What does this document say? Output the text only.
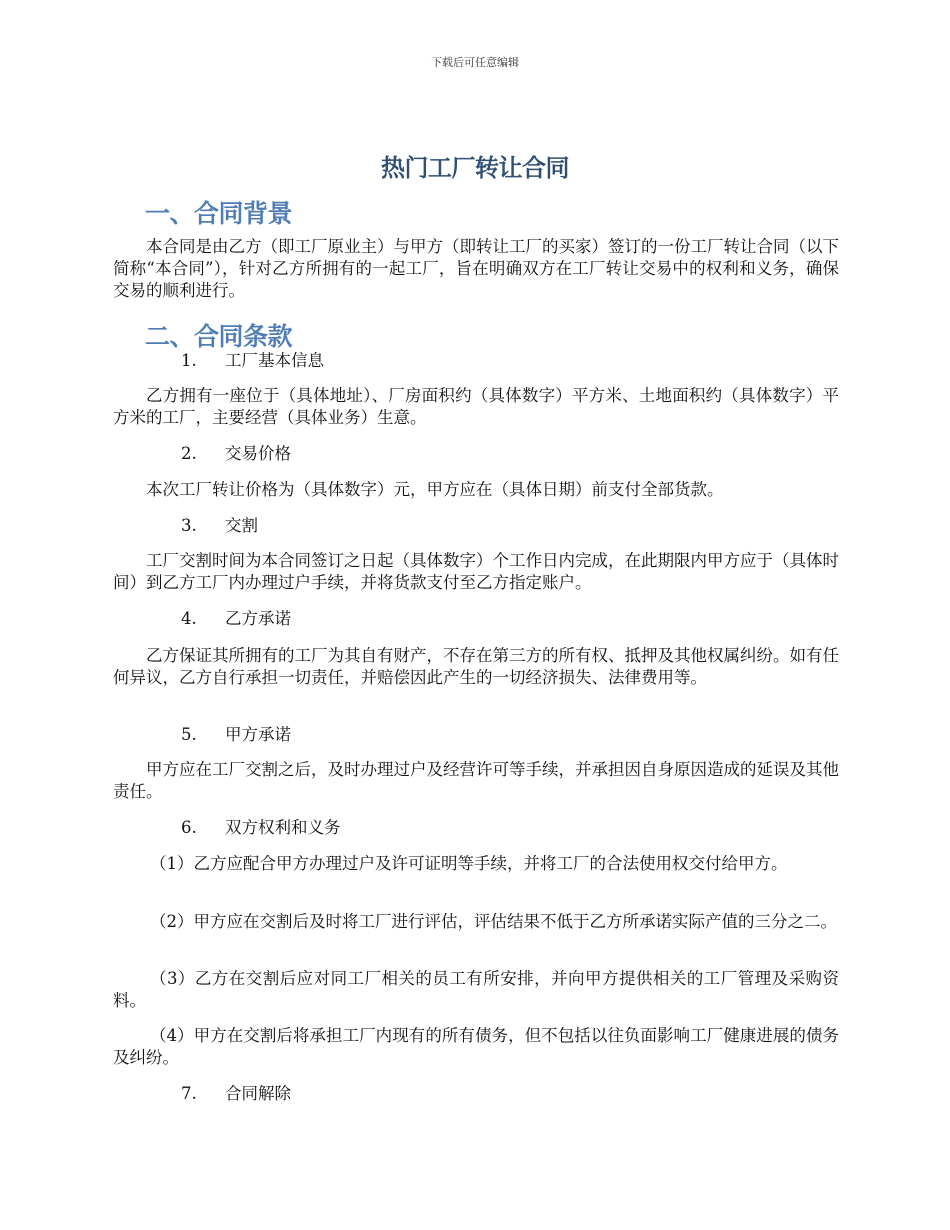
下载后可任意编辑
热门工厂转让合同
一、合同背景
本合同是由乙方（即工厂原业主）与甲方（即转让工厂的买家）签订的一份工厂转让合同（以下简称“本合同”），针对乙方所拥有的一起工厂，旨在明确双方在工厂转让交易中的权利和义务，确保交易的顺利进行。
二、合同条款
1. 工厂基本信息
乙方拥有一座位于（具体地址）、厂房面积约（具体数字）平方米、土地面积约（具体数字）平方米的工厂，主要经营（具体业务）生意。
2. 交易价格
本次工厂转让价格为（具体数字）元，甲方应在（具体日期）前支付全部货款。
3. 交割
工厂交割时间为本合同签订之日起（具体数字）个工作日内完成，在此期限内甲方应于（具体时间）到乙方工厂内办理过户手续，并将货款支付至乙方指定账户。
4. 乙方承诺
乙方保证其所拥有的工厂为其自有财产，不存在第三方的所有权、抵押及其他权属纠纷。如有任何异议，乙方自行承担一切责任，并赔偿因此产生的一切经济损失、法律费用等。
5. 甲方承诺
甲方应在工厂交割之后，及时办理过户及经营许可等手续，并承担因自身原因造成的延误及其他责任。
6. 双方权利和义务
（1）乙方应配合甲方办理过户及许可证明等手续，并将工厂的合法使用权交付给甲方。
（2）甲方应在交割后及时将工厂进行评估，评估结果不低于乙方所承诺实际产值的三分之二。
（3）乙方在交割后应对同工厂相关的员工有所安排，并向甲方提供相关的工厂管理及采购资料。
（4）甲方在交割后将承担工厂内现有的所有债务，但不包括以往负面影响工厂健康进展的债务及纠纷。
7. 合同解除
